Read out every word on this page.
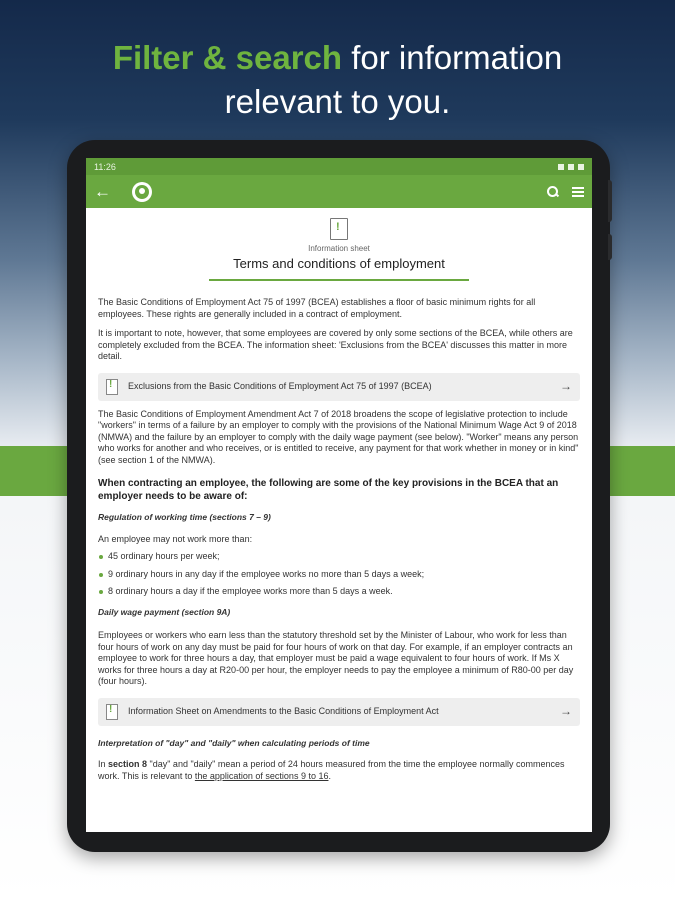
Filter & search for information
relevant to you.
11:26
←
!
Information sheet
Terms and conditions of employment

The Basic Conditions of Employment Act 75 of 1997 (BCEA) establishes a floor of basic minimum rights for all employees. These rights are generally included in a contract of employment.

It is important to note, however, that some employees are covered by only some sections of the BCEA, while others are completely excluded from the BCEA. The information sheet: 'Exclusions from the BCEA' discusses this matter in more detail.

!
Exclusions from the Basic Conditions of Employment Act 75 of 1997 (BCEA)	→

The Basic Conditions of Employment Amendment Act 7 of 2018 broadens the scope of legislative protection to include "workers" in terms of a failure by an employer to comply with the provisions of the National Minimum Wage Act 9 of 2018 (NMWA) and the failure by an employer to comply with the daily wage payment (see below). "Worker" means any person who works for another and who receives, or is entitled to receive, any payment for that work whether in money or in kind" (see section 1 of the NMWA).

When contracting an employee, the following are some of the key provisions in the BCEA that an employer needs to be aware of:
Regulation of working time (sections 7 – 9)

An employee may not work more than:

45 ordinary hours per week;
9 ordinary hours in any day if the employee works no more than 5 days a week;
8 ordinary hours a day if the employee works more than 5 days a week.
Daily wage payment (section 9A)

Employees or workers who earn less than the statutory threshold set by the Minister of Labour, who work for less than four hours of work on any day must be paid for four hours of work on that day. For example, if an employer contracts an employee to work for three hours a day, that employer must be paid a wage equivalent to four hours of work. If Ms X works for three hours a day at R20-00 per hour, the employer needs to pay the employee a minimum of R80-00 per day (four hours).

!
Information Sheet on Amendments to the Basic Conditions of Employment Act	→
Interpretation of "day" and "daily" when calculating periods of time

In section 8 "day" and "daily" mean a period of 24 hours measured from the time the employee normally commences work. This is relevant to the application of sections 9 to 16.
